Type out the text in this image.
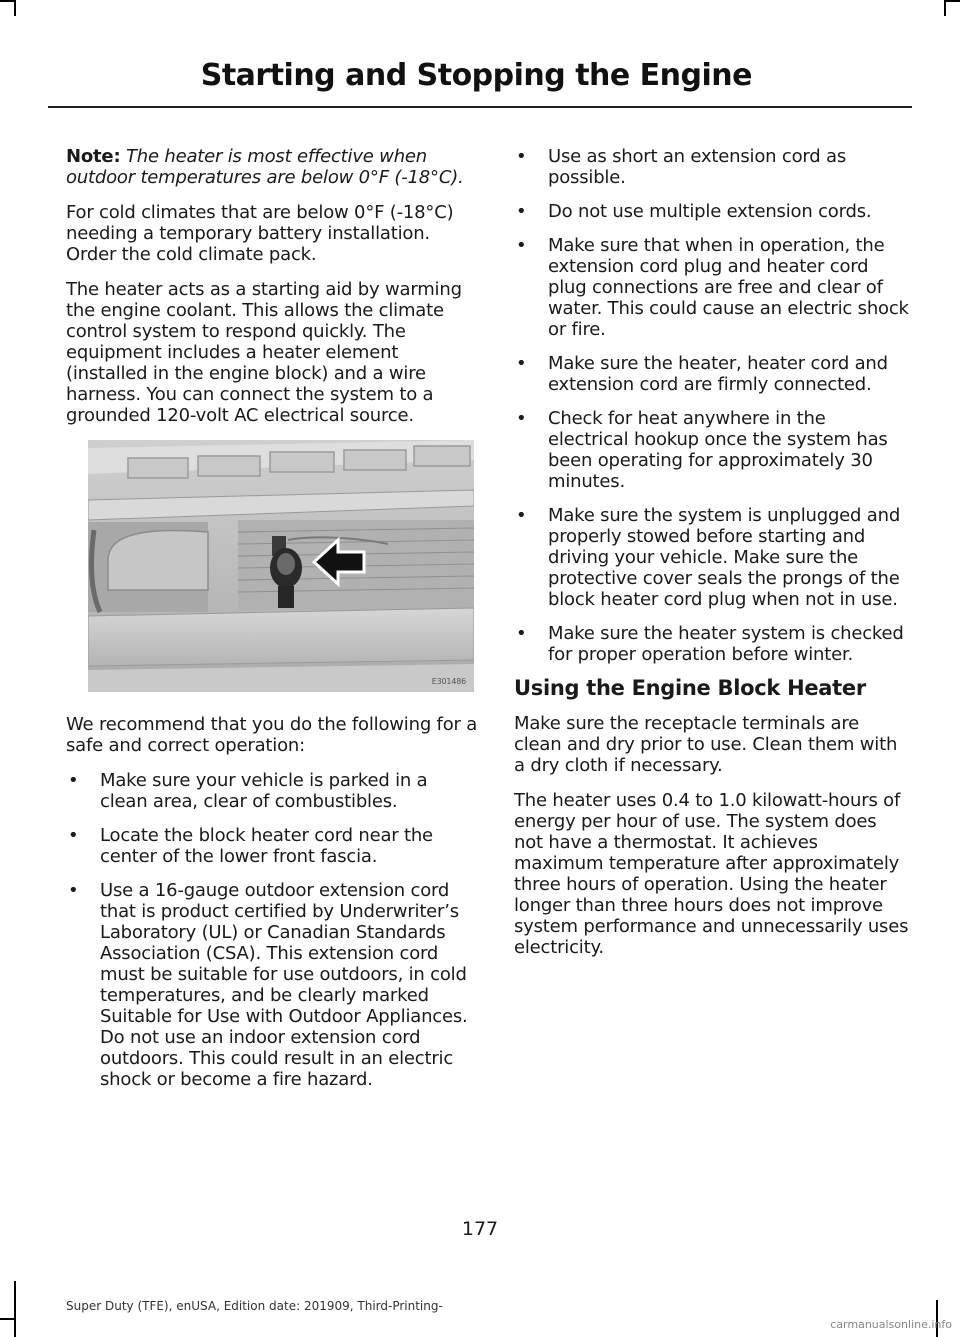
Starting and Stopping the Engine

Note: The heater is most effective when outdoor temperatures are below 0°F (-18°C).

For cold climates that are below 0°F (-18°C) needing a temporary battery installation. Order the cold climate pack.

The heater acts as a starting aid by warming the engine coolant. This allows the climate control system to respond quickly. The equipment includes a heater element (installed in the engine block) and a wire harness. You can connect the system to a grounded 120-volt AC electrical source.

E301486

We recommend that you do the following for a safe and correct operation:

• Make sure your vehicle is parked in a clean area, clear of combustibles.
• Locate the block heater cord near the center of the lower front fascia.
• Use a 16-gauge outdoor extension cord that is product certified by Underwriter’s Laboratory (UL) or Canadian Standards Association (CSA). This extension cord must be suitable for use outdoors, in cold temperatures, and be clearly marked Suitable for Use with Outdoor Appliances. Do not use an indoor extension cord outdoors. This could result in an electric shock or become a fire hazard.
• Use as short an extension cord as possible.
• Do not use multiple extension cords.
• Make sure that when in operation, the extension cord plug and heater cord plug connections are free and clear of water. This could cause an electric shock or fire.
• Make sure the heater, heater cord and extension cord are firmly connected.
• Check for heat anywhere in the electrical hookup once the system has been operating for approximately 30 minutes.
• Make sure the system is unplugged and properly stowed before starting and driving your vehicle. Make sure the protective cover seals the prongs of the block heater cord plug when not in use.
• Make sure the heater system is checked for proper operation before winter.
Using the Engine Block Heater

Make sure the receptacle terminals are clean and dry prior to use. Clean them with a dry cloth if necessary.

The heater uses 0.4 to 1.0 kilowatt-hours of energy per hour of use. The system does not have a thermostat. It achieves maximum temperature after approximately three hours of operation. Using the heater longer than three hours does not improve system performance and unnecessarily uses electricity.

177
Super Duty (TFE), enUSA, Edition date: 201909, Third-Printing-
carmanualsonline.info
